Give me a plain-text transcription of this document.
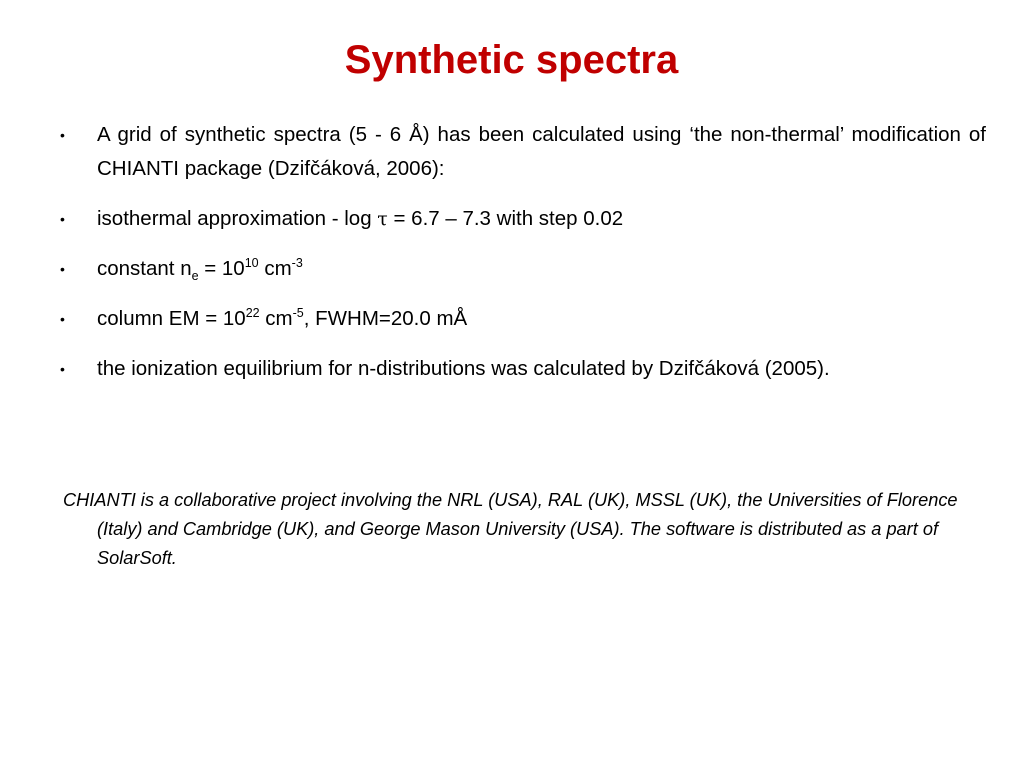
Synthetic spectra
• A grid of synthetic spectra (5 - 6 Å) has been calculated using ‘the non-thermal’ modification of CHIANTI package (Dzifčáková, 2006):
• isothermal approximation - log τ = 6.7 – 7.3 with step 0.02
• constant $n_e = 10^{10}$ $cm^{-3}$
• column EM = $10^{22}$ $cm^{-5}$, FWHM=20.0 mÅ
• the ionization equilibrium for n-distributions was calculated by Dzifčáková (2005).
CHIANTI is a collaborative project involving the NRL (USA), RAL (UK), MSSL (UK), the Universities of Florence (Italy) and Cambridge (UK), and George Mason University (USA). The software is distributed as a part of SolarSoft.
